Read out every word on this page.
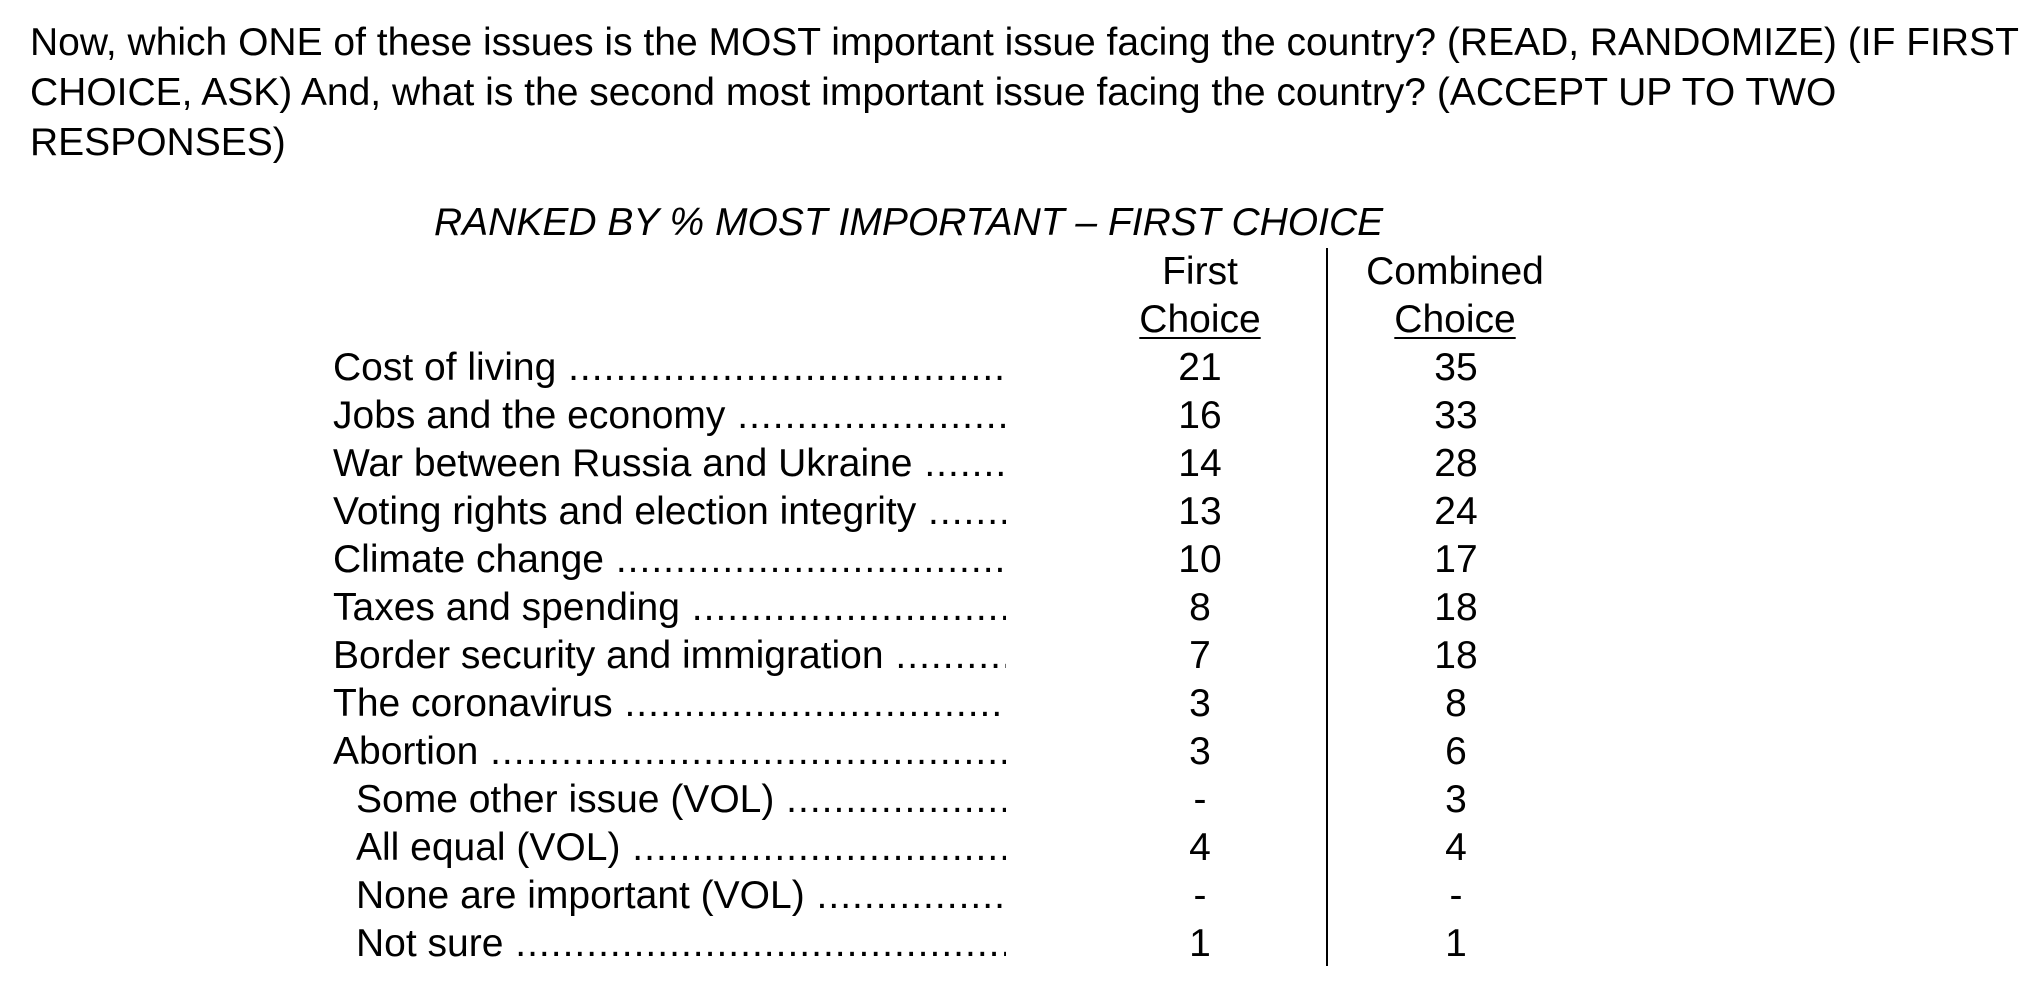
Now, which ONE of these issues is the MOST important issue facing the country? (READ, RANDOMIZE) (IF FIRST CHOICE, ASK) And, what is the second most important issue facing the country? (ACCEPT UP TO TWO RESPONSES)

RANKED BY % MOST IMPORTANT – FIRST CHOICE
First
Choice
Combined
Choice
Cost of living .....	21	35
Jobs and the economy .....	16	33
War between Russia and Ukraine .....	14	28
Voting rights and election integrity .....	13	24
Climate change .....	10	17
Taxes and spending .....	8	18
Border security and immigration .....	7	18
The coronavirus .....	3	8
Abortion .....	3	6
Some other issue (VOL) .....	-	3
All equal (VOL) .....	4	4
None are important (VOL) .....	-	-
Not sure .....	1	1
